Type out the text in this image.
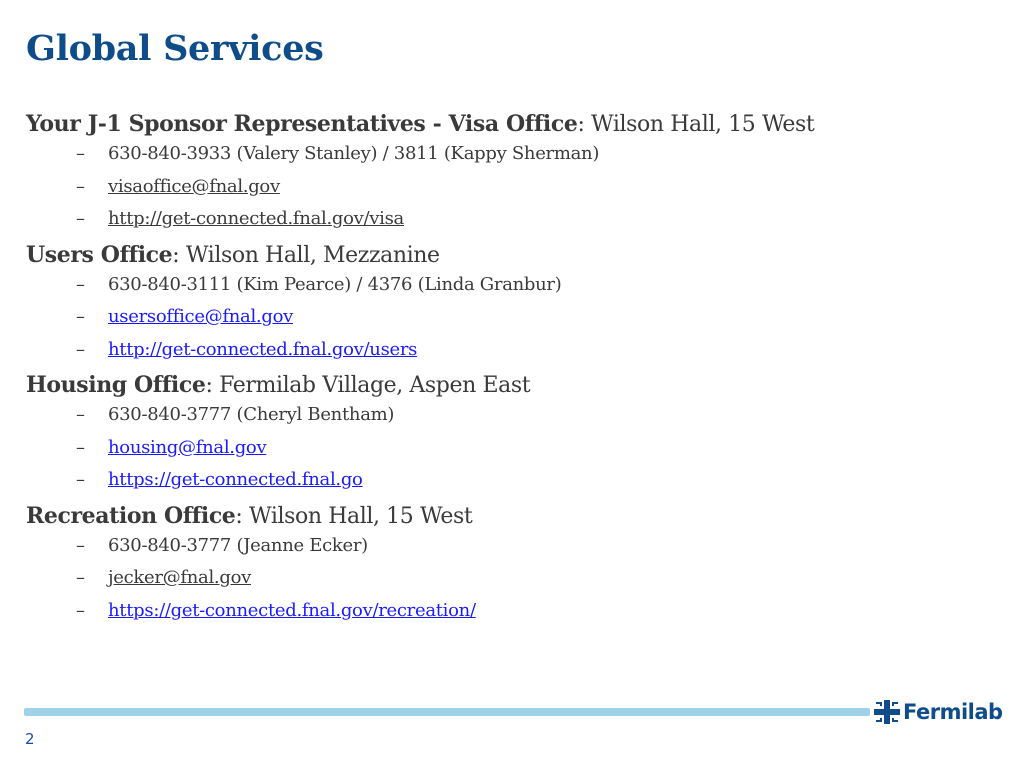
Global Services
Your J-1 Sponsor Representatives - Visa Office: Wilson Hall, 15 West
– 630-840-3933 (Valery Stanley) / 3811 (Kappy Sherman)
– visaoffice@fnal.gov
– http://get-connected.fnal.gov/visa
Users Office: Wilson Hall, Mezzanine
– 630-840-3111 (Kim Pearce) / 4376 (Linda Granbur)
– usersoffice@fnal.gov
– http://get-connected.fnal.gov/users
Housing Office: Fermilab Village, Aspen East
– 630-840-3777 (Cheryl Bentham)
– housing@fnal.gov
– https://get-connected.fnal.go
Recreation Office: Wilson Hall, 15 West
– 630-840-3777 (Jeanne Ecker)
– jecker@fnal.gov
– https://get-connected.fnal.gov/recreation/
Fermilab
2
